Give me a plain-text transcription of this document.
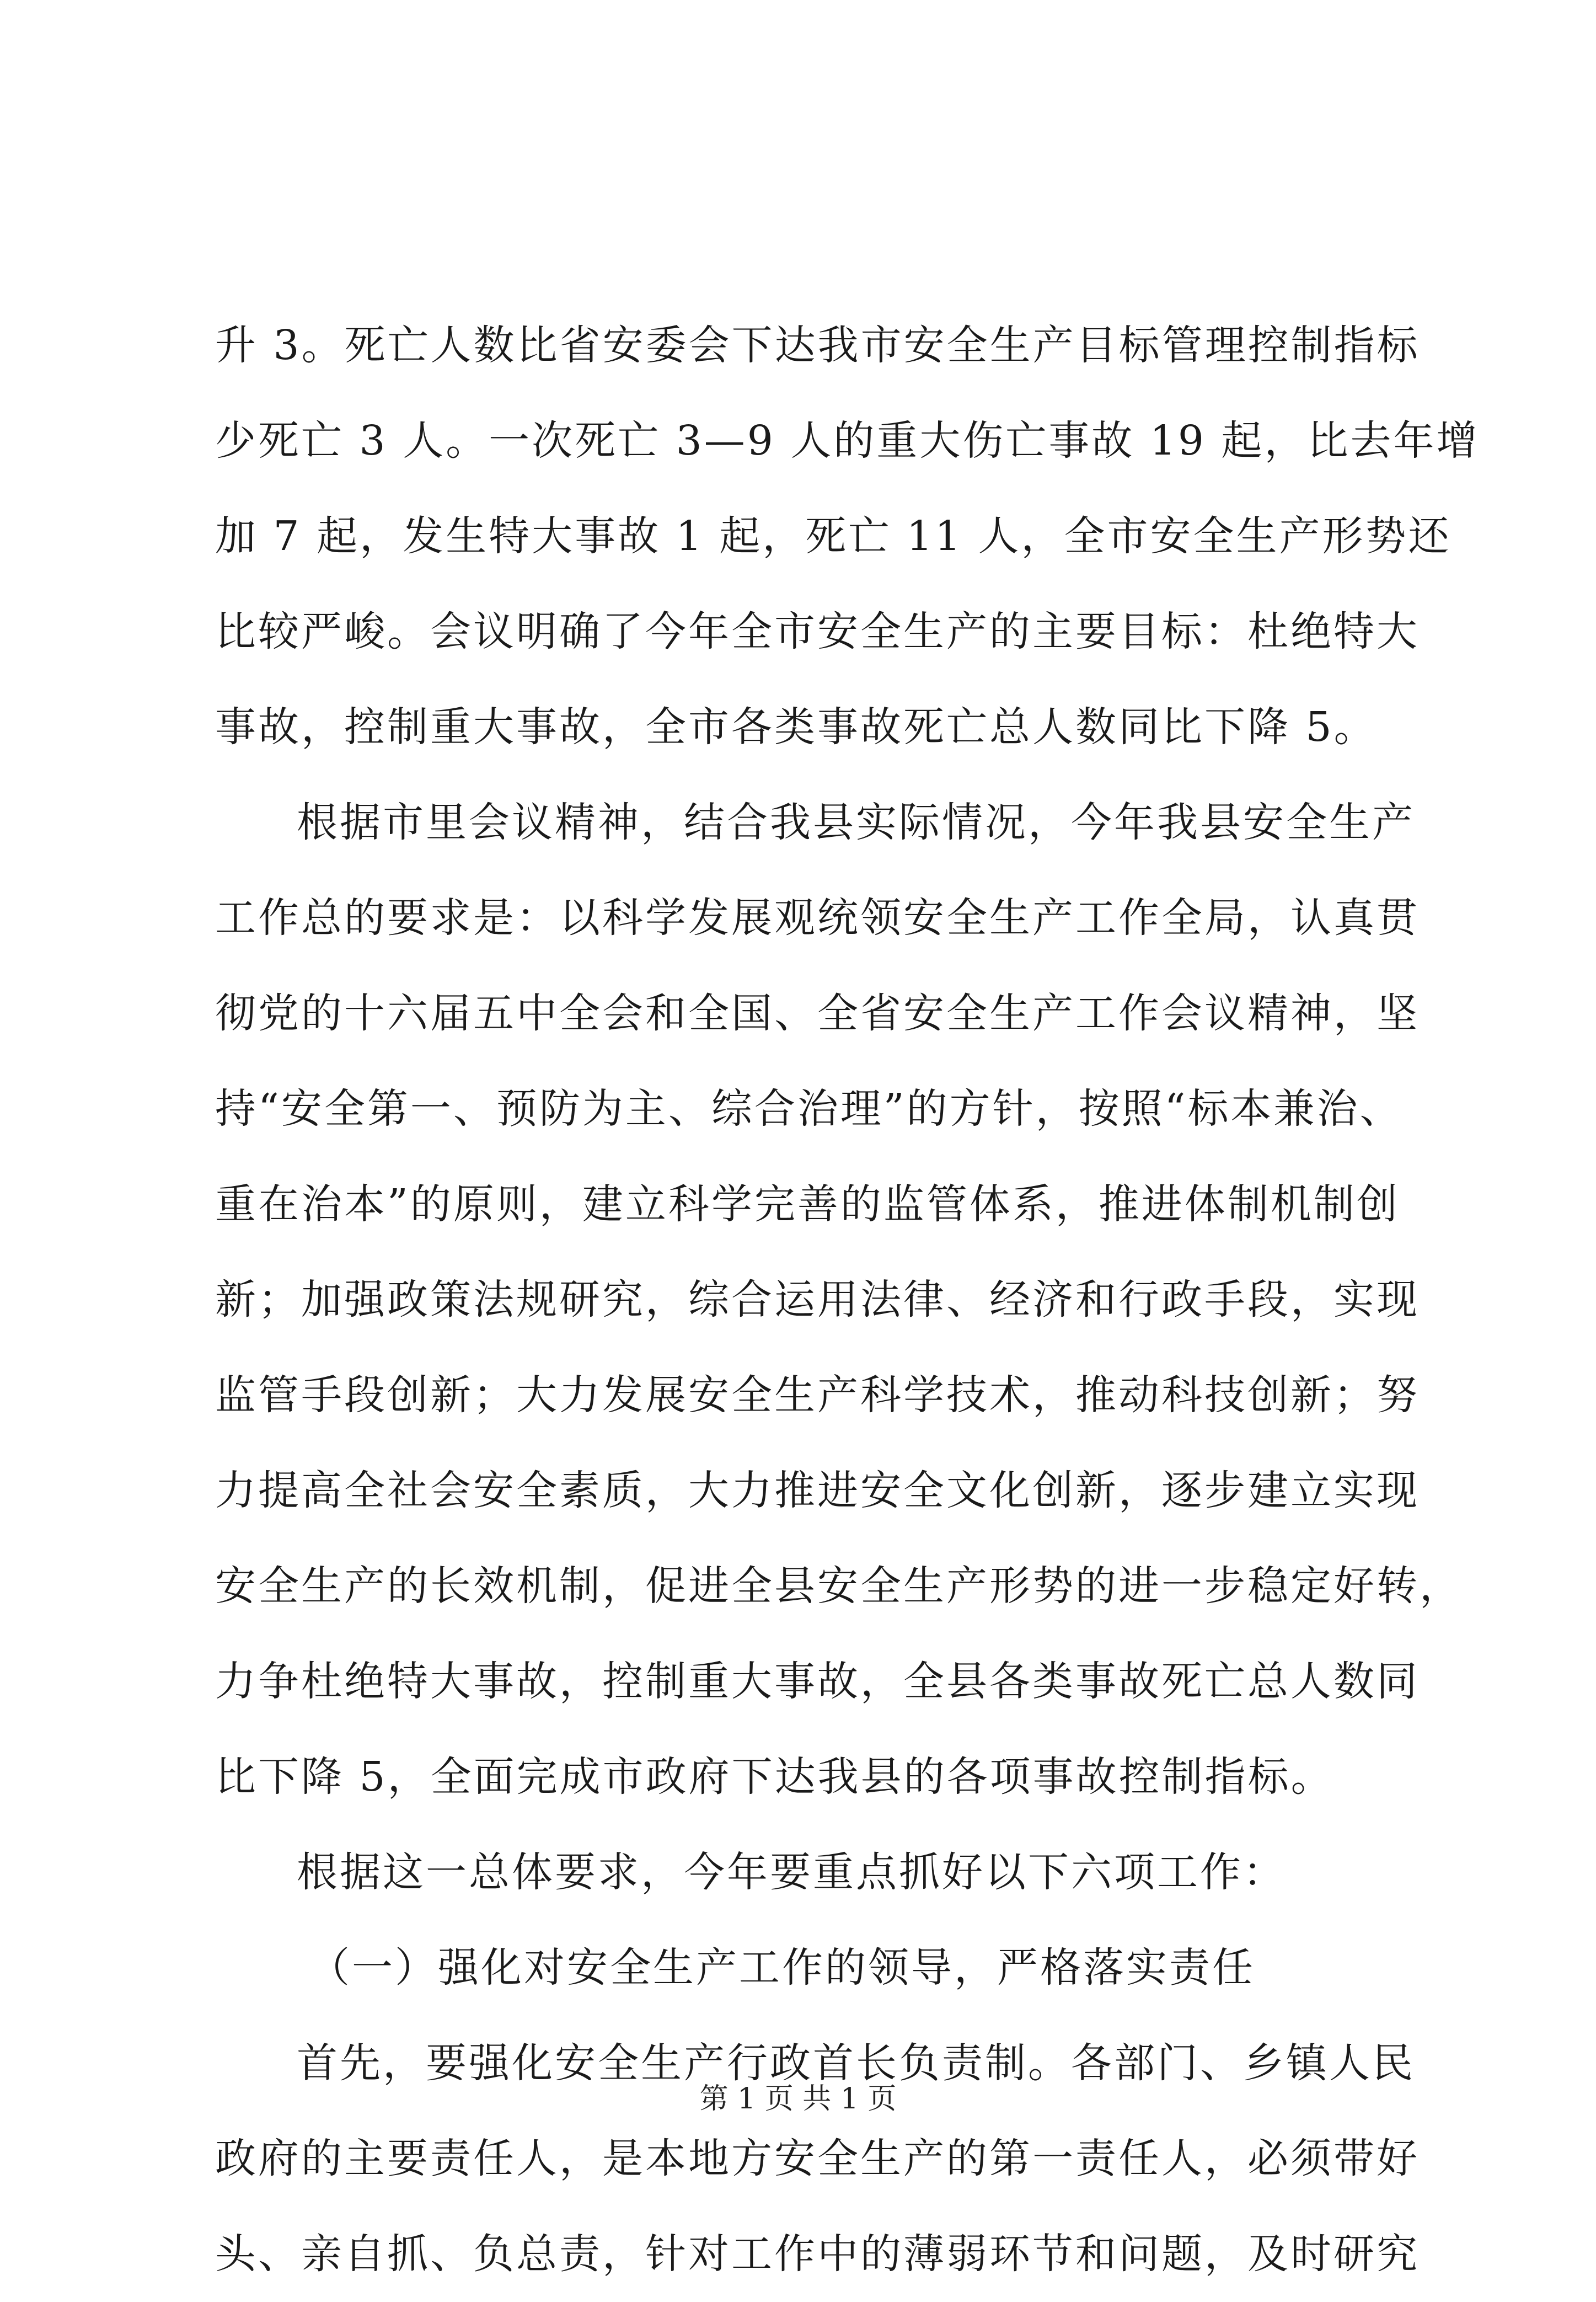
升 3。死亡人数比省安委会下达我市安全生产目标管理控制指标
少死亡 3 人。一次死亡 3—9 人的重大伤亡事故 19 起，比去年增
加 7 起，发生特大事故 1 起，死亡 11 人，全市安全生产形势还
比较严峻。会议明确了今年全市安全生产的主要目标：杜绝特大
事故，控制重大事故，全市各类事故死亡总人数同比下降 5。
根据市里会议精神，结合我县实际情况，今年我县安全生产
工作总的要求是：以科学发展观统领安全生产工作全局，认真贯
彻党的十六届五中全会和全国、全省安全生产工作会议精神，坚
持“安全第一、预防为主、综合治理”的方针，按照“标本兼治、
重在治本”的原则，建立科学完善的监管体系，推进体制机制创
新；加强政策法规研究，综合运用法律、经济和行政手段，实现
监管手段创新；大力发展安全生产科学技术，推动科技创新；努
力提高全社会安全素质，大力推进安全文化创新，逐步建立实现
安全生产的长效机制，促进全县安全生产形势的进一步稳定好转，
力争杜绝特大事故，控制重大事故，全县各类事故死亡总人数同
比下降 5，全面完成市政府下达我县的各项事故控制指标。
根据这一总体要求，今年要重点抓好以下六项工作：
（一）强化对安全生产工作的领导，严格落实责任
首先，要强化安全生产行政首长负责制。各部门、乡镇人民
政府的主要责任人，是本地方安全生产的第一责任人，必须带好
头、亲自抓、负总责，针对工作中的薄弱环节和问题，及时研究
第 1 页 共 1 页
